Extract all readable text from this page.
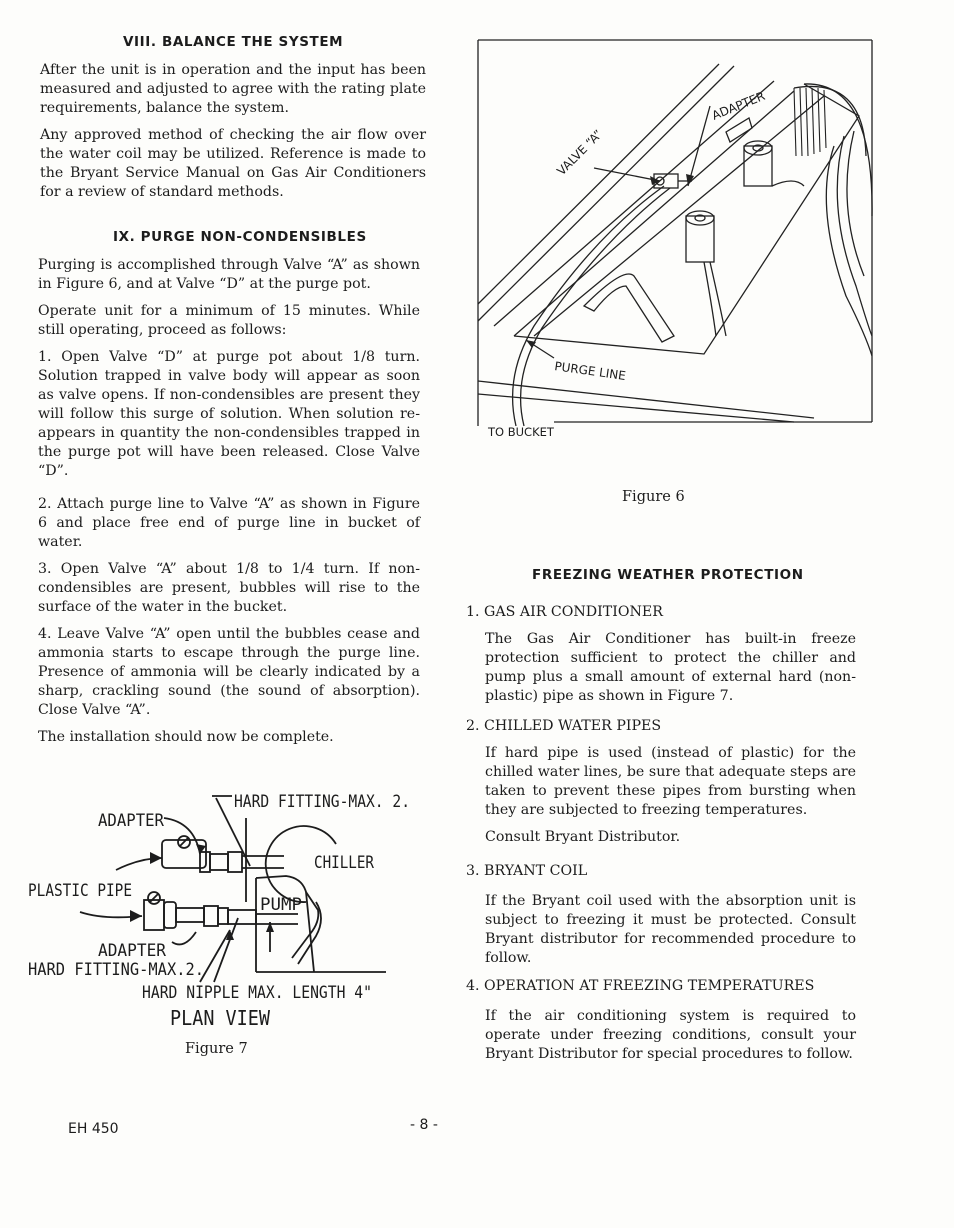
VIII. BALANCE THE SYSTEM

After the unit is in operation and the input has been measured and adjusted to agree with the rating plate requirements, balance the system.

Any approved method of checking the air flow over the water coil may be utilized. Reference is made to the Bryant Service Manual on Gas Air Conditioners for a review of standard methods.

IX. PURGE NON-CONDENSIBLES

Purging is accomplished through Valve “A” as shown in Figure 6, and at Valve “D” at the purge pot.

Operate unit for a minimum of 15 minutes. While still operating, proceed as follows:

1. Open Valve “D” at purge pot about 1/8 turn. Solution trapped in valve body will appear as soon as valve opens. If non-condensibles are present they will follow this surge of solution. When solution re-appears in quantity the non-condensibles trapped in the purge pot will have been released. Close Valve “D”.

2. Attach purge line to Valve “A” as shown in Figure 6 and place free end of purge line in bucket of water.

3. Open Valve “A” about 1/8 to 1/4 turn. If non-condensibles are present, bubbles will rise to the surface of the water in the bucket.

4. Leave Valve “A” open until the bubbles cease and ammonia starts to escape through the purge line. Presence of ammonia will be clearly indicated by a sharp, crackling sound (the sound of absorption). Close Valve “A”.

The installation should now be complete.

VALVE “A”
ADAPTER
PURGE LINE
TO BUCKET
Figure 6
HARD FITTING-MAX. 2.
ADAPTER
CHILLER
PLASTIC PIPE
PUMP
ADAPTER
HARD FITTING-MAX.2.
HARD NIPPLE MAX. LENGTH 4"
PLAN VIEW
Figure 7
FREEZING WEATHER PROTECTION
1. GAS AIR CONDITIONER

The Gas Air Conditioner has built-in freeze protection sufficient to protect the chiller and pump plus a small amount of external hard (non-plastic) pipe as shown in Figure 7.

2. CHILLED WATER PIPES

If hard pipe is used (instead of plastic) for the chilled water lines, be sure that adequate steps are taken to prevent these pipes from bursting when they are subjected to freezing temperatures.

Consult Bryant Distributor.

3. BRYANT COIL

If the Bryant coil used with the absorption unit is subject to freezing it must be protected. Consult Bryant distributor for recommended procedure to follow.

4. OPERATION AT FREEZING TEMPERATURES

If the air conditioning system is required to operate under freezing conditions, consult your Bryant Distributor for special procedures to follow.

EH 450	- 8 -
